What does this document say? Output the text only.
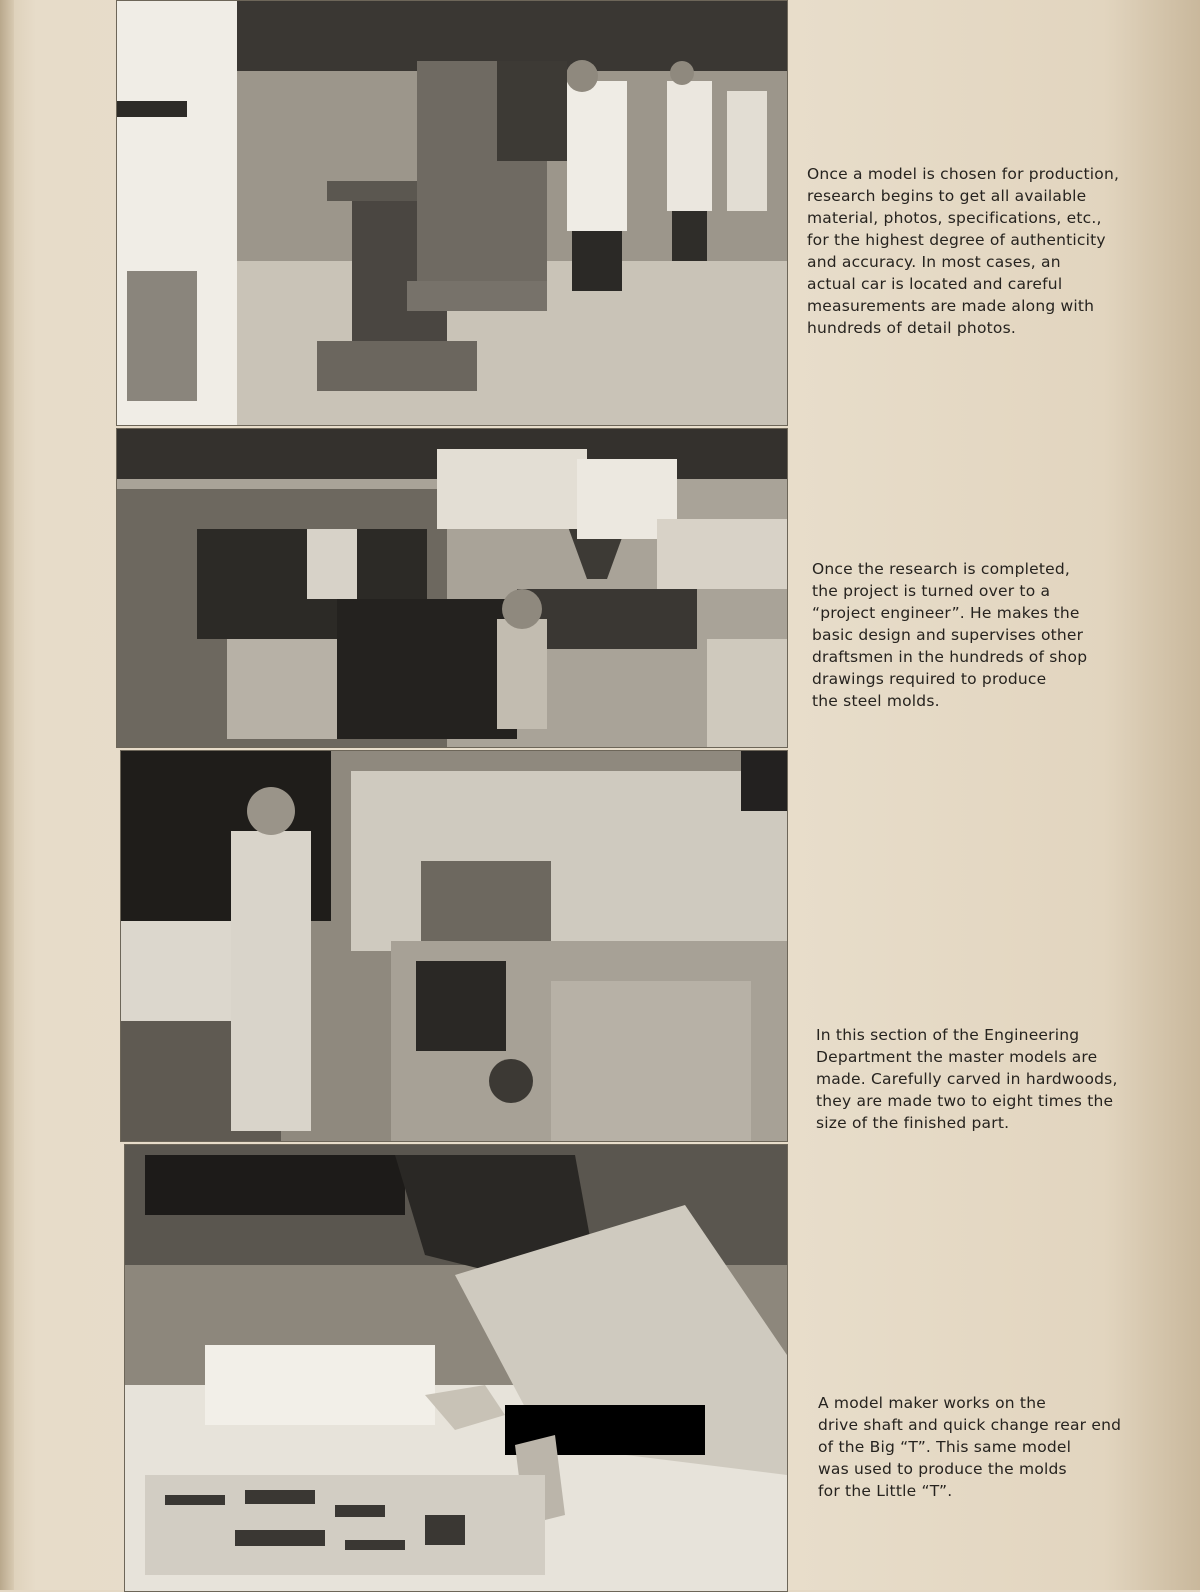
Once a model is chosen for production,
research begins to get all available
material, photos, specifications, etc.,
for the highest degree of authenticity
and accuracy. In most cases, an
actual car is located and careful
measurements are made along with
hundreds of detail photos.
Once the research is completed,
the project is turned over to a
“project engineer”. He makes the
basic design and supervises other
draftsmen in the hundreds of shop
drawings required to produce
the steel molds.
In this section of the Engineering
Department the master models are
made. Carefully carved in hardwoods,
they are made two to eight times the
size of the finished part.
A model maker works on the
drive shaft and quick change rear end
of the Big “T”. This same model
was used to produce the molds
for the Little “T”.
